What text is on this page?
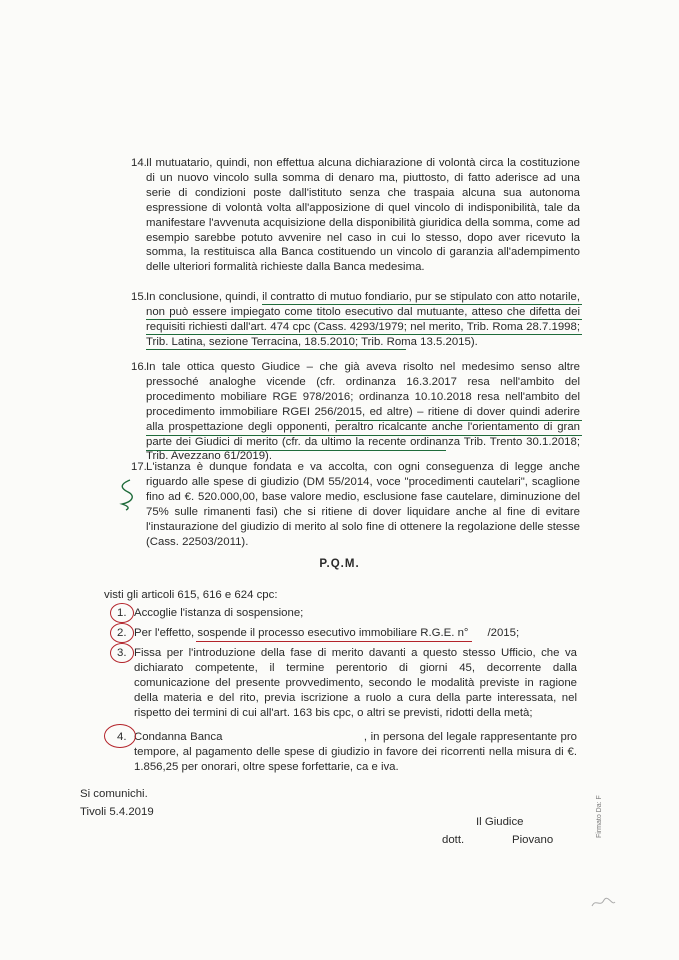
14. Il mutuatario, quindi, non effettua alcuna dichiarazione di volontà circa la costituzione di un nuovo vincolo sulla somma di denaro ma, piuttosto, di fatto aderisce ad una serie di condizioni poste dall'istituto senza che traspaia alcuna sua autonoma espressione di volontà volta all'apposizione di quel vincolo di indisponibilità, tale da manifestare l'avvenuta acquisizione della disponibilità giuridica della somma, come ad esempio sarebbe potuto avvenire nel caso in cui lo stesso, dopo aver ricevuto la somma, la restituisca alla Banca costituendo un vincolo di garanzia all'adempimento delle ulteriori formalità richieste dalla Banca medesima.

15. In conclusione, quindi, il contratto di mutuo fondiario, pur se stipulato con atto notarile, non può essere impiegato come titolo esecutivo dal mutuante, atteso che difetta dei requisiti richiesti dall'art. 474 cpc (Cass. 4293/1979; nel merito, Trib. Roma 28.7.1998; Trib. Latina, sezione Terracina, 18.5.2010; Trib. Roma 13.5.2015).

16. In tale ottica questo Giudice – che già aveva risolto nel medesimo senso altre pressoché analoghe vicende (cfr. ordinanza 16.3.2017 resa nell'ambito del procedimento mobiliare RGE 978/2016; ordinanza 10.10.2018 resa nell'ambito del procedimento immobiliare RGEI 256/2015, ed altre) – ritiene di dover quindi aderire alla prospettazione degli opponenti, peraltro ricalcante anche l'orientamento di gran parte dei Giudici di merito (cfr. da ultimo la recente ordinanza Trib. Trento 30.1.2018; Trib. Avezzano 61/2019).

17. L'istanza è dunque fondata e va accolta, con ogni conseguenza di legge anche riguardo alle spese di giudizio (DM 55/2014, voce "procedimenti cautelari", scaglione fino ad €. 520.000,00, base valore medio, esclusione fase cautelare, diminuzione del 75% sulle rimanenti fasi) che si ritiene di dover liquidare anche al fine di evitare l'instaurazione del giudizio di merito al solo fine di ottenere la regolazione delle stesse (Cass. 22503/2011).

P.Q.M.
visti gli articoli 615, 616 e 624 cpc:
1. Accoglie l'istanza di sospensione;
2. Per l'effetto, sospende il processo esecutivo immobiliare R.G.E. n°      /2015;
3. Fissa per l'introduzione della fase di merito davanti a questo stesso Ufficio, che va dichiarato competente, il termine perentorio di giorni 45, decorrente dalla comunicazione del presente provvedimento, secondo le modalità previste in ragione della materia e del rito, previa iscrizione a ruolo a cura della parte interessata, nel rispetto dei termini di cui all'art. 163 bis cpc, o altri se previsti, ridotti della metà;
4. Condanna Banca                                        , in persona del legale rappresentante pro tempore, al pagamento delle spese di giudizio in favore dei ricorrenti nella misura di €. 1.856,25 per onorari, oltre spese forfettarie, ca e iva.
Si comunichi.
Tivoli 5.4.2019
Il Giudice
dott.	Piovano
Firmato Da: F
